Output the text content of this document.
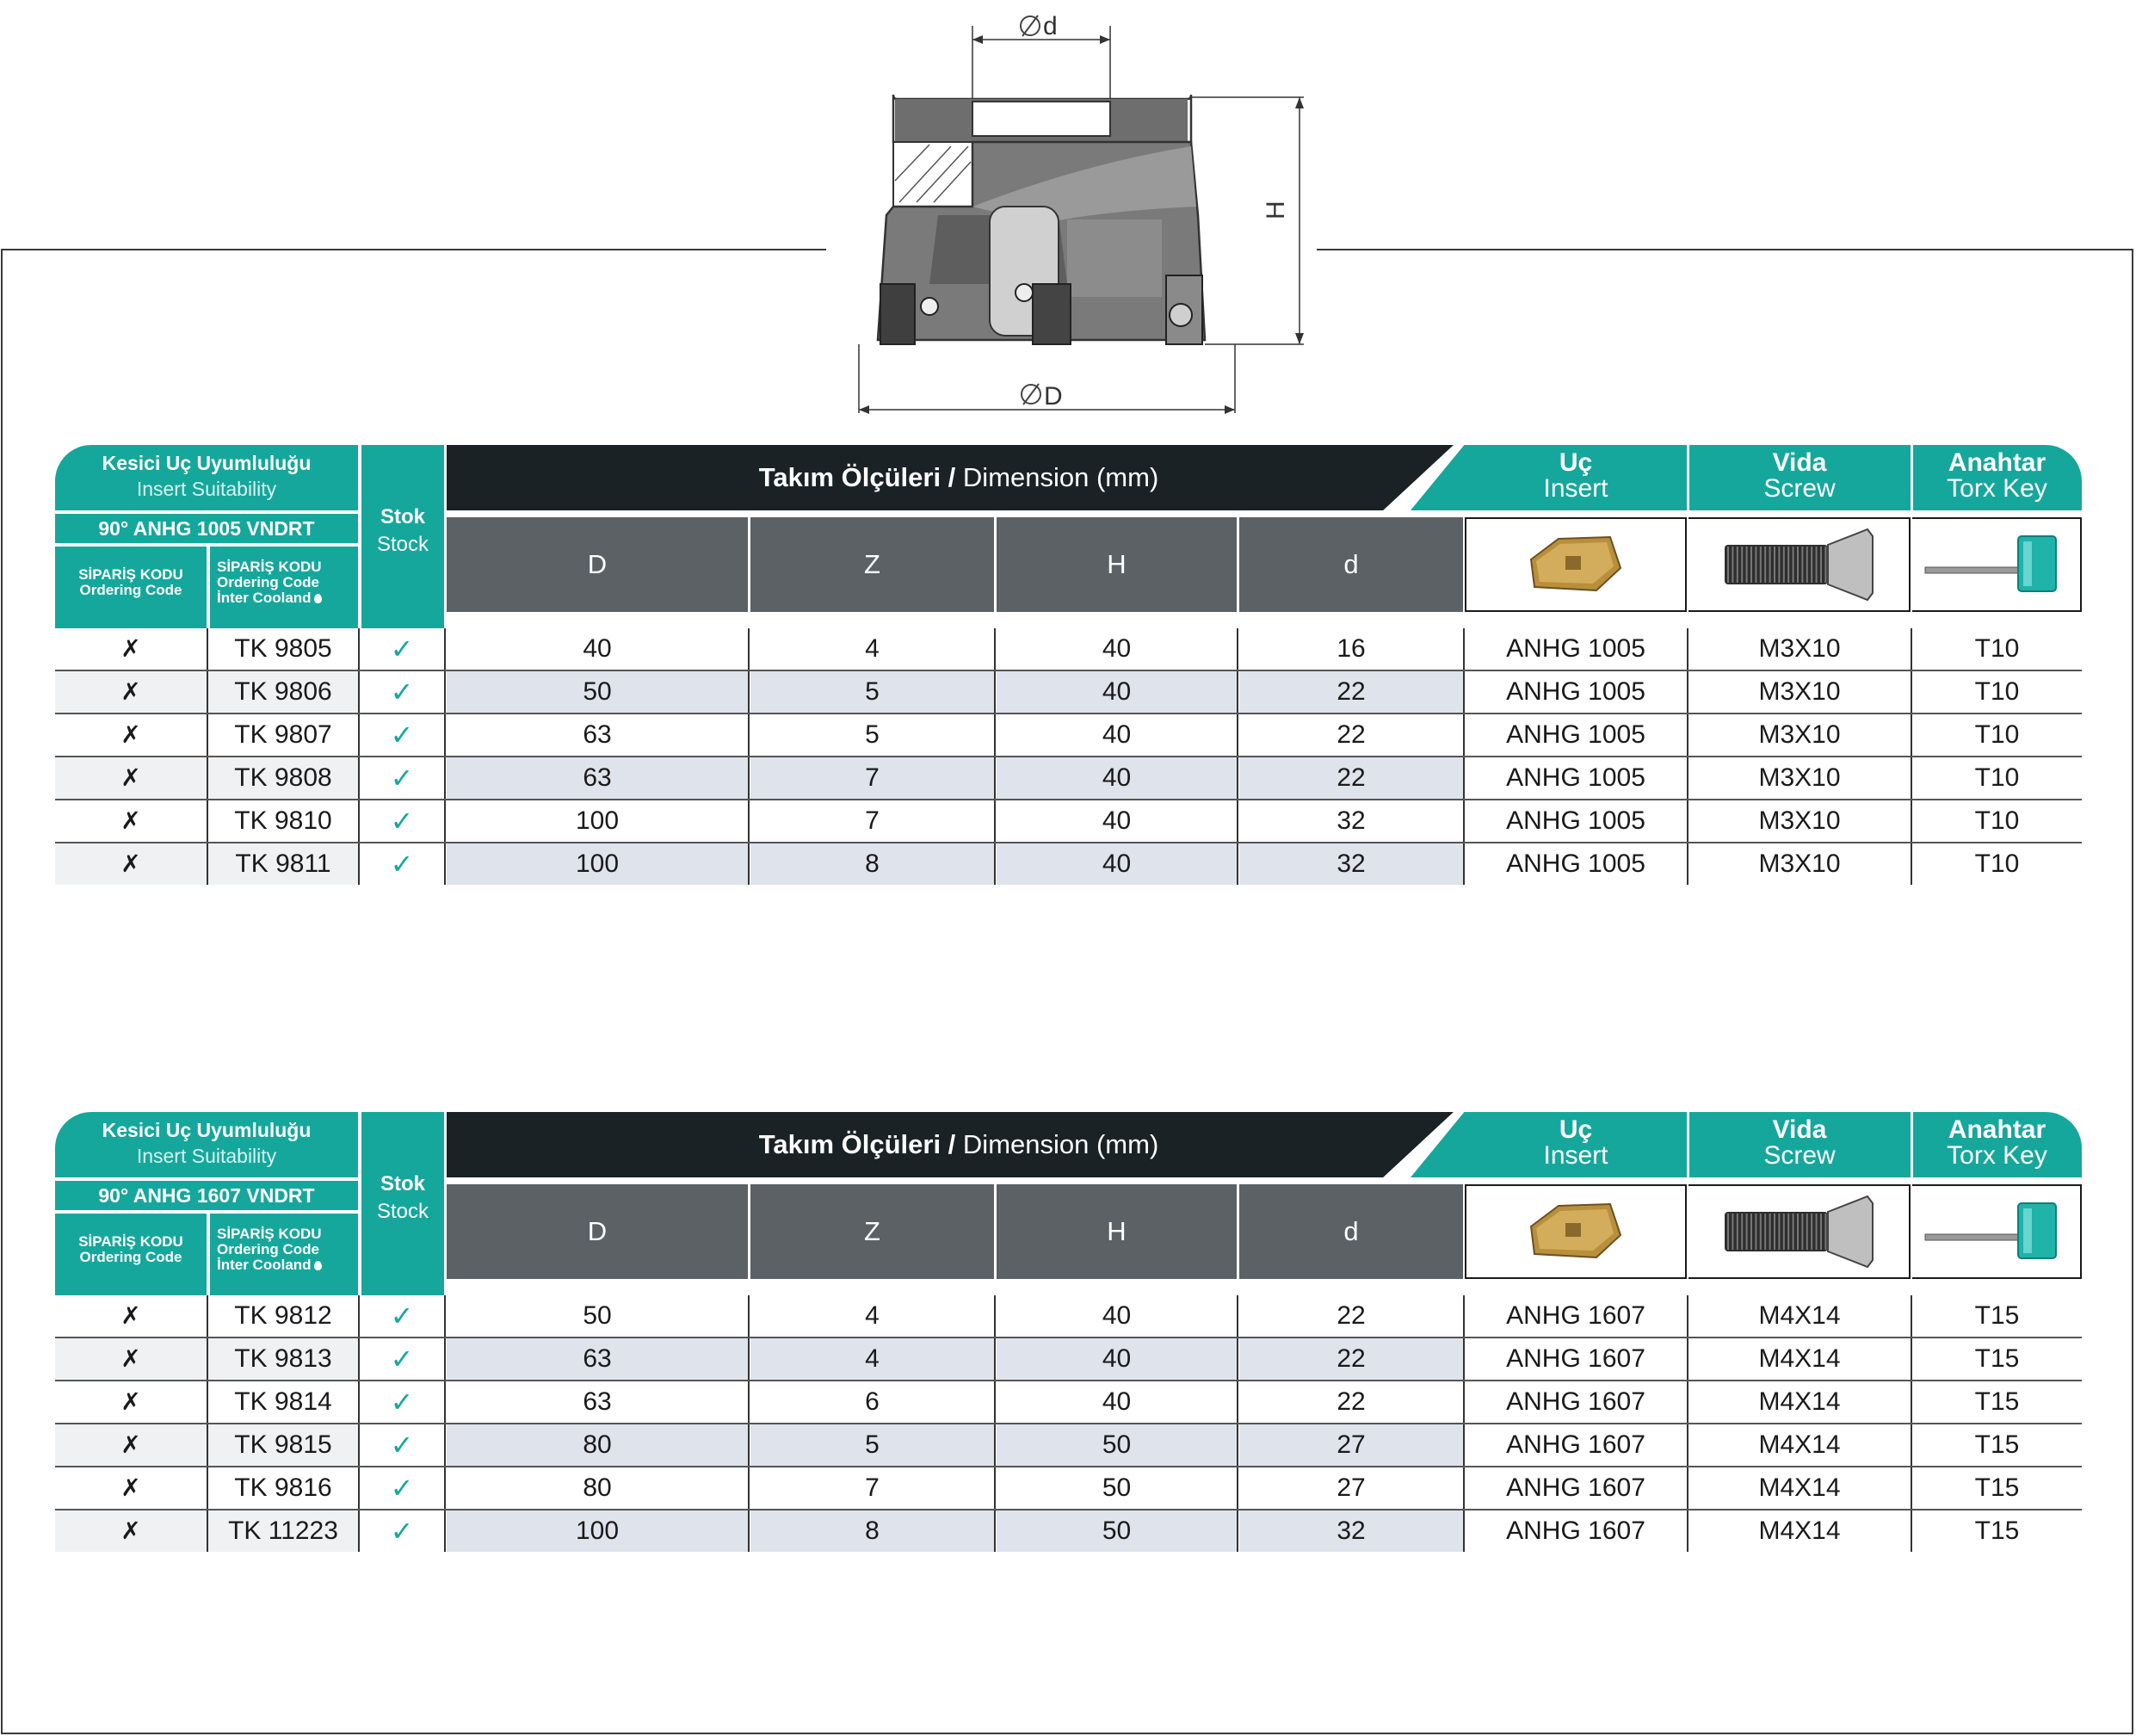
d
H
D
Kesici Uç Uyumluluğu
Insert Suitability
90° ANHG 1005 VNDRT
SİPARİŞ KODU
Ordering Code
SİPARİŞ KODU
Ordering Code
İnter Cooland
Stok
Stock
Takım Ölçüleri / Dimension (mm)	Uç
Insert
Vida
Screw
Anahtar
Torx Key
D	Z	H	d
✗	TK 9805	✓	40	4	40	16	ANHG 1005	M3X10	T10
✗	TK 9806	✓	50	5	40	22	ANHG 1005	M3X10	T10
✗	TK 9807	✓	63	5	40	22	ANHG 1005	M3X10	T10
✗	TK 9808	✓	63	7	40	22	ANHG 1005	M3X10	T10
✗	TK 9810	✓	100	7	40	32	ANHG 1005	M3X10	T10
✗	TK 9811	✓	100	8	40	32	ANHG 1005	M3X10	T10
Kesici Uç Uyumluluğu
Insert Suitability
90° ANHG 1607 VNDRT
SİPARİŞ KODU
Ordering Code
SİPARİŞ KODU
Ordering Code
İnter Cooland
Stok
Stock
Takım Ölçüleri / Dimension (mm)	Uç
Insert
Vida
Screw
Anahtar
Torx Key
D	Z	H	d
✗	TK 9812	✓	50	4	40	22	ANHG 1607	M4X14	T15
✗	TK 9813	✓	63	4	40	22	ANHG 1607	M4X14	T15
✗	TK 9814	✓	63	6	40	22	ANHG 1607	M4X14	T15
✗	TK 9815	✓	80	5	50	27	ANHG 1607	M4X14	T15
✗	TK 9816	✓	80	7	50	27	ANHG 1607	M4X14	T15
✗	TK 11223	✓	100	8	50	32	ANHG 1607	M4X14	T15
